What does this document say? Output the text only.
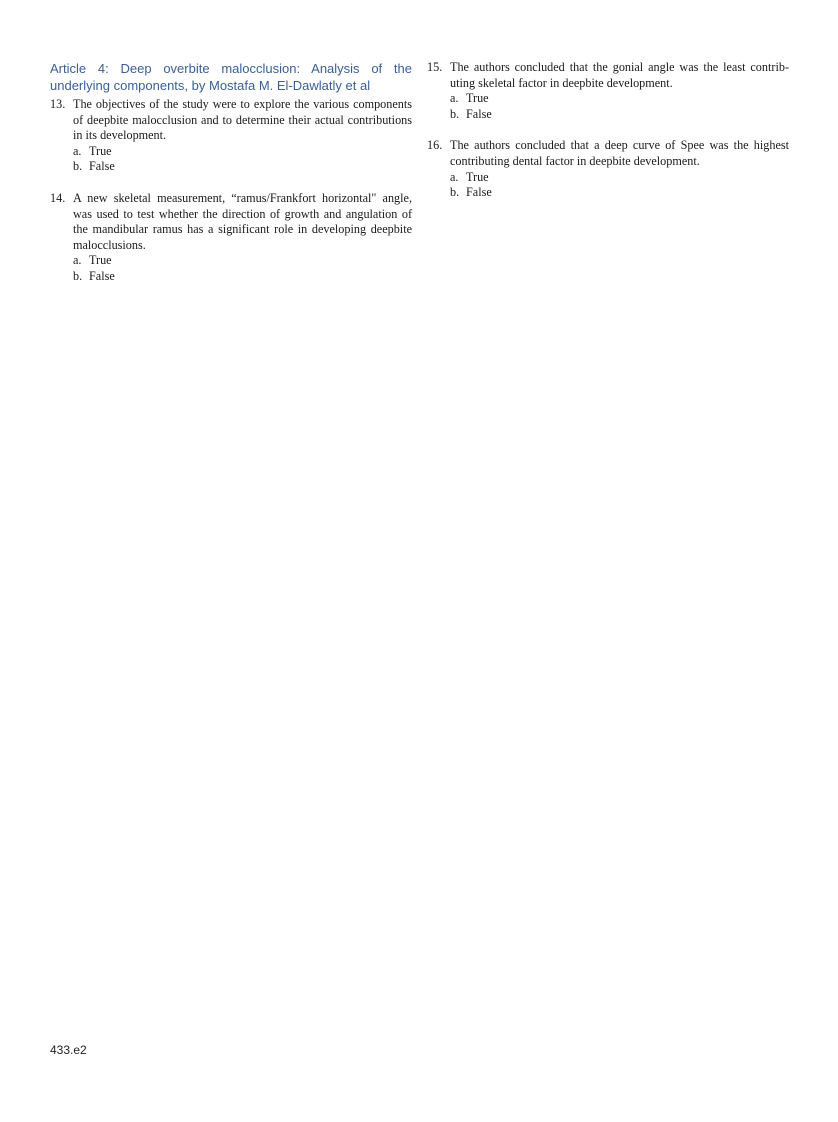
Article 4: Deep overbite malocclusion: Analysis of the underlying components, by Mostafa M. El-Dawlatly et al

13. The objectives of the study were to explore the various components of deepbite malocclusion and to determine their actual contributions in its development.
a. True
b. False
14. A new skeletal measurement, “ramus/Frankfort horizontal" angle, was used to test whether the direction of growth and angulation of the mandibular ramus has a significant role in developing deepbite malocclusions.
a. True
b. False
15. The authors concluded that the gonial angle was the least contributing skeletal factor in deepbite development.
a. True
b. False
16. The authors concluded that a deep curve of Spee was the highest contributing dental factor in deepbite development.
a. True
b. False
433.e2
